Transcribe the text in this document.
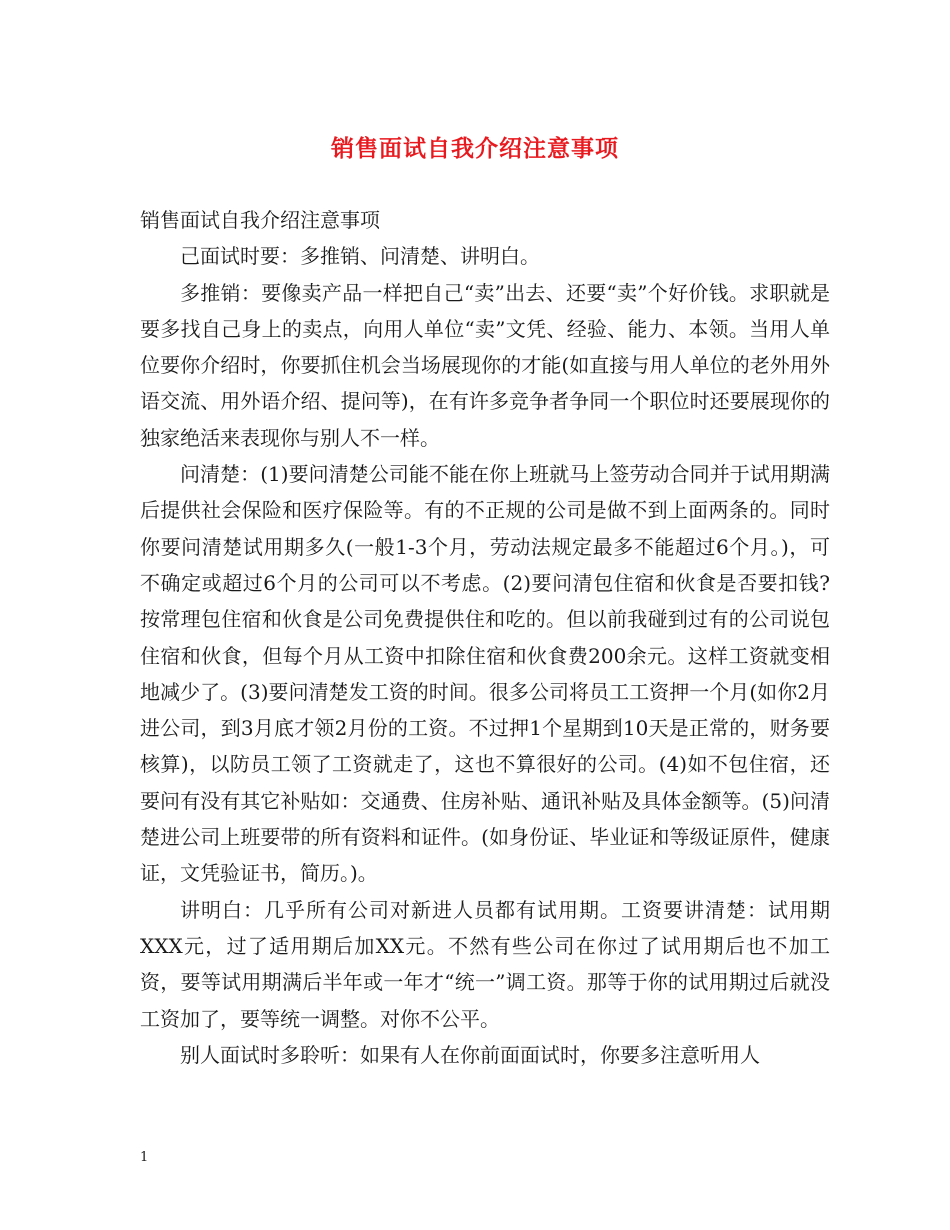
销售面试自我介绍注意事项

销售面试自我介绍注意事项

己面试时要：多推销、问清楚、讲明白。

多推销：要像卖产品一样把自己“卖”出去、还要“卖”个好价钱。求职就是要多找自己身上的卖点，向用人单位“卖”文凭、经验、能力、本领。当用人单位要你介绍时，你要抓住机会当场展现你的才能(如直接与用人单位的老外用外语交流、用外语介绍、提问等)，在有许多竞争者争同一个职位时还要展现你的独家绝活来表现你与别人不一样。

问清楚：(1)要问清楚公司能不能在你上班就马上签劳动合同并于试用期满后提供社会保险和医疗保险等。有的不正规的公司是做不到上面两条的。同时你要问清楚试用期多久(一般1-3个月，劳动法规定最多不能超过6个月。)，可不确定或超过6个月的公司可以不考虑。(2)要问清包住宿和伙食是否要扣钱?按常理包住宿和伙食是公司免费提供住和吃的。但以前我碰到过有的公司说包住宿和伙食，但每个月从工资中扣除住宿和伙食费200余元。这样工资就变相地减少了。(3)要问清楚发工资的时间。很多公司将员工工资押一个月(如你2月进公司，到3月底才领2月份的工资。不过押1个星期到10天是正常的，财务要核算)，以防员工领了工资就走了，这也不算很好的公司。(4)如不包住宿，还要问有没有其它补贴如：交通费、住房补贴、通讯补贴及具体金额等。(5)问清楚进公司上班要带的所有资料和证件。(如身份证、毕业证和等级证原件，健康证，文凭验证书，简历。)。

讲明白：几乎所有公司对新进人员都有试用期。工资要讲清楚：试用期XXX元，过了适用期后加XX元。不然有些公司在你过了试用期后也不加工资，要等试用期满后半年或一年才“统一”调工资。那等于你的试用期过后就没工资加了，要等统一调整。对你不公平。

别人面试时多聆听：如果有人在你前面面试时，你要多注意听用人

1
